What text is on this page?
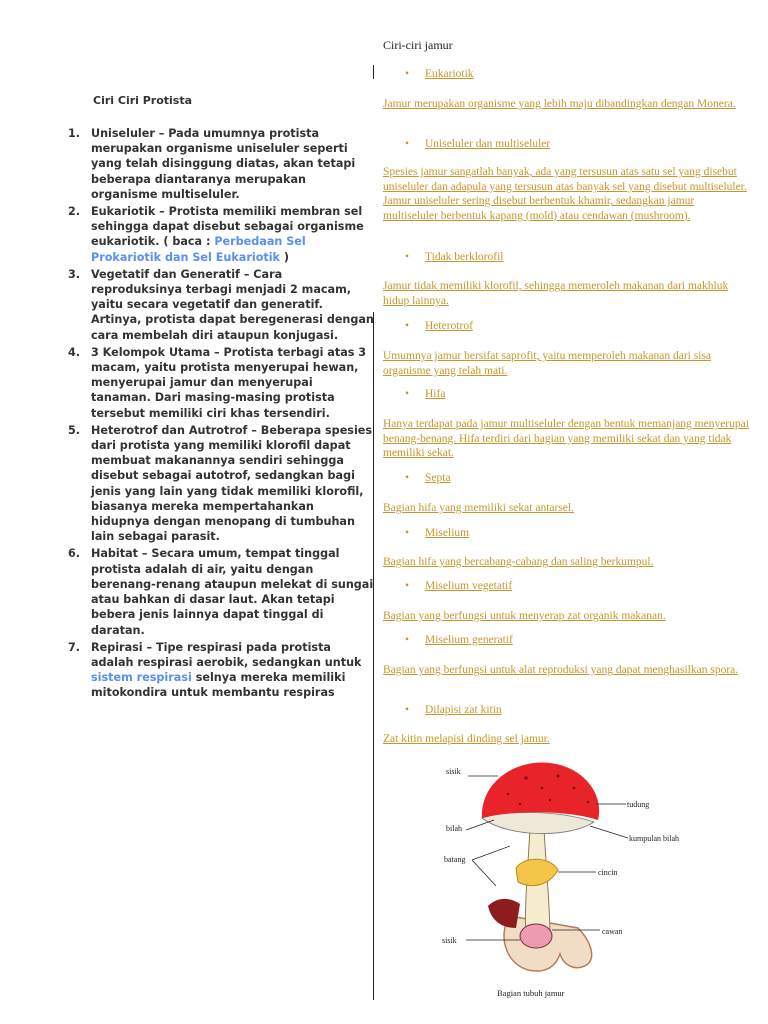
Ciri Ciri Protista
1. Uniseluler – Pada umumnya protista merupakan organisme uniseluler seperti yang telah disinggung diatas, akan tetapi beberapa diantaranya merupakan organisme multiseluler.
2. Eukariotik – Protista memiliki membran sel sehingga dapat disebut sebagai organisme eukariotik. ( baca : Perbedaan Sel Prokariotik dan Sel Eukariotik )
3. Vegetatif dan Generatif – Cara reproduksinya terbagi menjadi 2 macam, yaitu secara vegetatif dan generatif. Artinya, protista dapat beregenerasi dengan cara membelah diri ataupun konjugasi.
4. 3 Kelompok Utama – Protista terbagi atas 3 macam, yaitu protista menyerupai hewan, menyerupai jamur dan menyerupai tanaman. Dari masing-masing protista tersebut memiliki ciri khas tersendiri.
5. Heterotrof dan Autrotrof – Beberapa spesies dari protista yang memiliki klorofil dapat membuat makanannya sendiri sehingga disebut sebagai autotrof, sedangkan bagi jenis yang lain yang tidak memiliki klorofil, biasanya mereka mempertahankan hidupnya dengan menopang di tumbuhan lain sebagai parasit.
6. Habitat – Secara umum, tempat tinggal protista adalah di air, yaitu dengan berenang-renang ataupun melekat di sungai atau bahkan di dasar laut. Akan tetapi bebera jenis lainnya dapat tinggal di daratan.
7. Repirasi – Tipe respirasi pada protista adalah respirasi aerobik, sedangkan untuk sistem respirasi selnya mereka memiliki mitokondira untuk membantu respiras
Ciri-ciri jamur
• Eukariotik
Jamur merupakan organisme yang lebih maju dibandingkan dengan Monera.
• Uniseluler dan multiseluler
Spesies jamur sangatlah banyak, ada yang tersusun atas satu sel yang disebut uniseluler dan adapula yang tersusun atas banyak sel yang disebut multiseluler. Jamur uniseluler sering disebut berbentuk khamir, sedangkan jamur multiseluler berbentuk kapang (mold) atau cendawan (mushroom).
• Tidak berklorofil
Jamur tidak memiliki klorofil, sehingga memeroleh makanan dari makhluk hidup lainnya.
• Heterotrof
Umumnya jamur bersifat saprofit, yaitu memperoleh makanan dari sisa organisme yang telah mati.
• Hifa
Hanya terdapat pada jamur multiseluler dengan bentuk memanjang menyerupai benang-benang. Hifa terdiri dari bagian yang memiliki sekat dan yang tidak memiliki sekat.
• Septa
Bagian hifa yang memiliki sekat antarsel.
• Miselium
Bagian hifa yang bercabang-cabang dan saling berkumpul.
• Miselium vegetatif
Bagian yang berfungsi untuk menyerap zat organik makanan.
• Miselium generatif
Bagian yang berfungsi untuk alat reproduksi yang dapat menghasilkan spora.
• Dilapisi zat kitin
Zat kitin melapisi dinding sel jamur.
sisik
tudung
bilah
kumpulan bilah
batang
cincin
cawan
sisik
Bagian tubuh jamur
